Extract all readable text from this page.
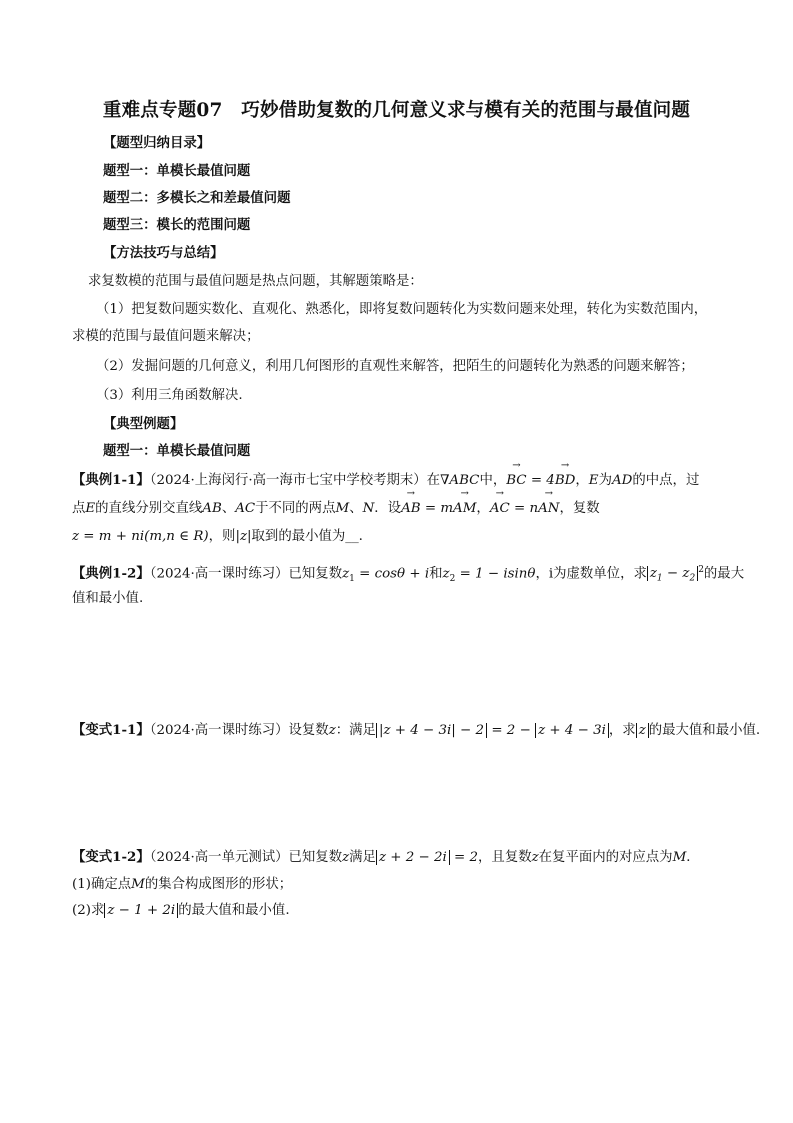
重难点专题07　巧妙借助复数的几何意义求与模有关的范围与最值问题
【题型归纳目录】
题型一：单模长最值问题
题型二：多模长之和差最值问题
题型三：模长的范围问题
【方法技巧与总结】
求复数模的范围与最值问题是热点问题，其解题策略是：
（1）把复数问题实数化、直观化、熟悉化，即将复数问题转化为实数问题来处理，转化为实数范围内，
求模的范围与最值问题来解决；
（2）发掘问题的几何意义，利用几何图形的直观性来解答，把陌生的问题转化为熟悉的问题来解答；
（3）利用三角函数解决.
【典型例题】
题型一：单模长最值问题
【典例1-1】（2024·上海闵行·高一海市七宝中学校考期末）在∇ABC中，→ BC = 4→ BD，E为AD的中点，过
点E的直线分别交直线AB、AC于不同的两点M、N．设→ AB = m→ AM，→ AC = n→ AN，复数
z = m + ni(m,n ∈ R)，则|z|取到的最小值为__.
【典例1-2】（2024·高一课时练习）已知复数$z_1 = \cos\theta + i$和$z_2 = 1 - isin\theta$，i为虚数单位，求 $z_1 - z_2^2$的最大
值和最小值.
【变式1-1】（2024·高一课时练习）设复数z：满足 |z + 4 − 3i| − 2 = 2 − z + 4 − 3i ，求 z 的最大值和最小值.
【变式1-2】（2024·高一单元测试）已知复数z满足 z + 2 − 2i = 2，且复数z在复平面内的对应点为M．
(1)确定点M的集合构成图形的形状；
(2)求 z − 1 + 2i 的最大值和最小值.
